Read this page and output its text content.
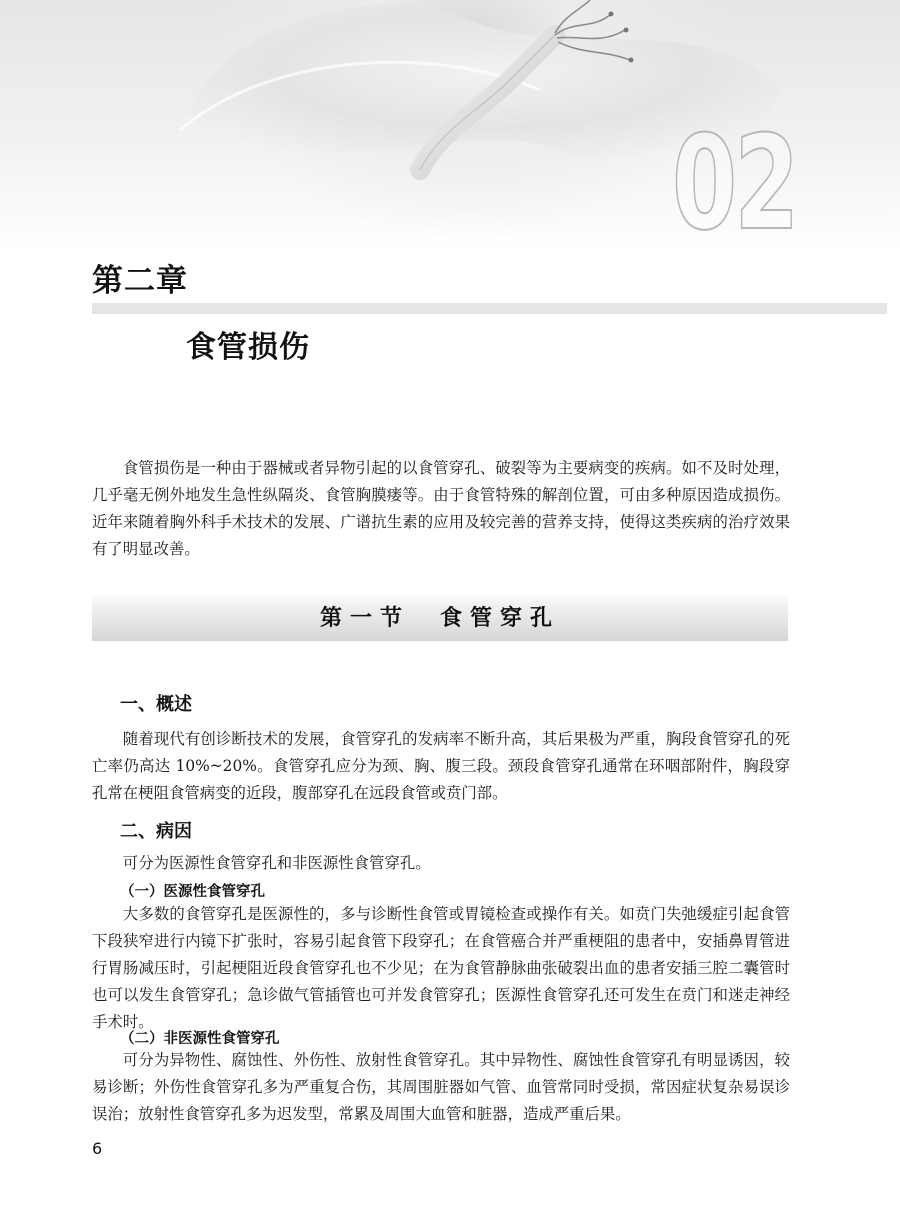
02
第二章
食管损伤

食管损伤是一种由于器械或者异物引起的以食管穿孔、破裂等为主要病变的疾病。如不及时处理，几乎毫无例外地发生急性纵隔炎、食管胸膜瘘等。由于食管特殊的解剖位置，可由多种原因造成损伤。近年来随着胸外科手术技术的发展、广谱抗生素的应用及较完善的营养支持，使得这类疾病的治疗效果有了明显改善。

第一节　食管穿孔
一、概述

随着现代有创诊断技术的发展，食管穿孔的发病率不断升高，其后果极为严重，胸段食管穿孔的死亡率仍高达 10%~20%。食管穿孔应分为颈、胸、腹三段。颈段食管穿孔通常在环咽部附件，胸段穿孔常在梗阻食管病变的近段，腹部穿孔在远段食管或贲门部。

二、病因

可分为医源性食管穿孔和非医源性食管穿孔。

（一）医源性食管穿孔

大多数的食管穿孔是医源性的，多与诊断性食管或胃镜检查或操作有关。如贲门失弛缓症引起食管下段狭窄进行内镜下扩张时，容易引起食管下段穿孔；在食管癌合并严重梗阻的患者中，安插鼻胃管进行胃肠减压时，引起梗阻近段食管穿孔也不少见；在为食管静脉曲张破裂出血的患者安插三腔二囊管时也可以发生食管穿孔；急诊做气管插管也可并发食管穿孔；医源性食管穿孔还可发生在贲门和迷走神经手术时。

（二）非医源性食管穿孔

可分为异物性、腐蚀性、外伤性、放射性食管穿孔。其中异物性、腐蚀性食管穿孔有明显诱因，较易诊断；外伤性食管穿孔多为严重复合伤，其周围脏器如气管、血管常同时受损，常因症状复杂易误诊误治；放射性食管穿孔多为迟发型，常累及周围大血管和脏器，造成严重后果。

6
